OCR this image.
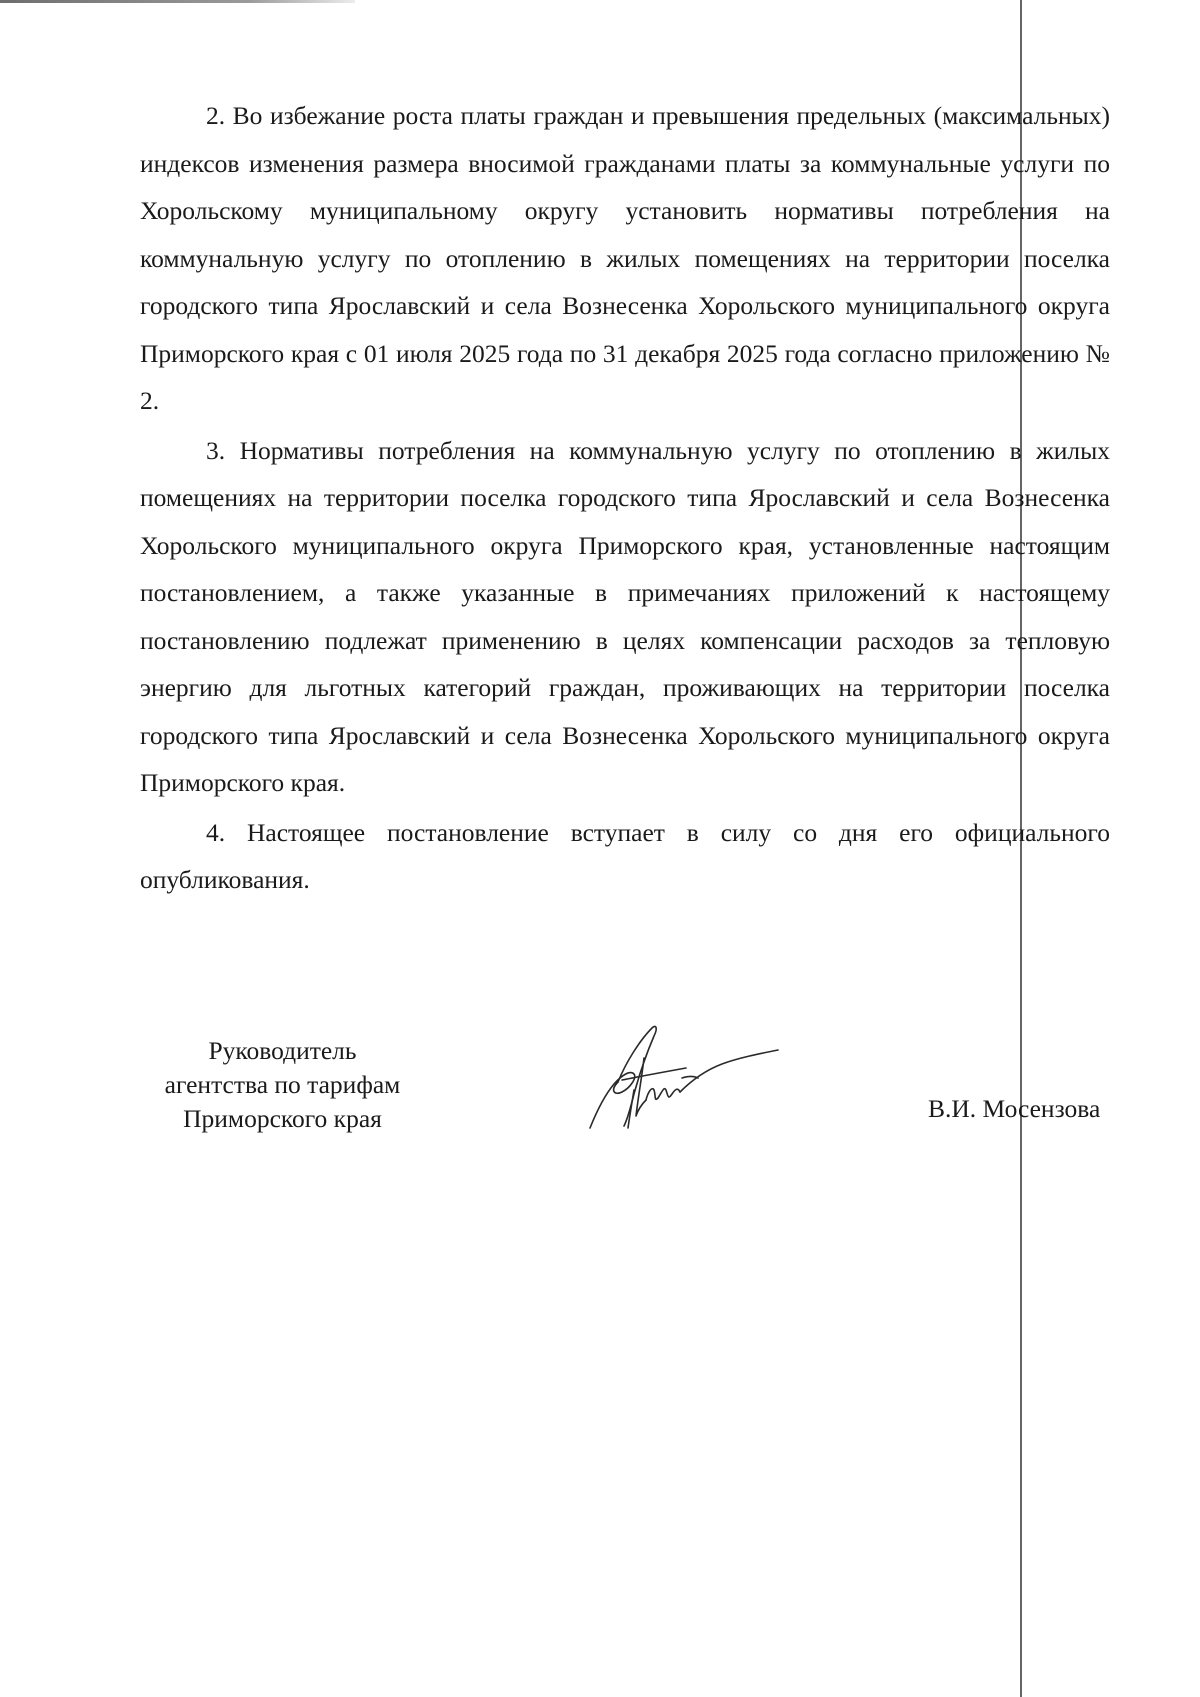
2. Во избежание роста платы граждан и превышения предельных (максимальных) индексов изменения размера вносимой гражданами платы за коммунальные услуги по Хорольскому муниципальному округу установить нормативы потребления на коммунальную услугу по отоплению в жилых помещениях на территории поселка городского типа Ярославский и села Вознесенка Хорольского муниципального округа Приморского края с 01 июля 2025 года по 31 декабря 2025 года согласно приложению № 2.

3. Нормативы потребления на коммунальную услугу по отоплению в жилых помещениях на территории поселка городского типа Ярославский и села Вознесенка Хорольского муниципального округа Приморского края, установленные настоящим постановлением, а также указанные в примечаниях приложений к настоящему постановлению подлежат применению в целях компенсации расходов за тепловую энергию для льготных категорий граждан, проживающих на территории поселка городского типа Ярославский и села Вознесенка Хорольского муниципального округа Приморского края.

4. Настоящее постановление вступает в силу со дня его официального опубликования.

Руководитель
агентства по тарифам
Приморского края	В.И. Мосензова
